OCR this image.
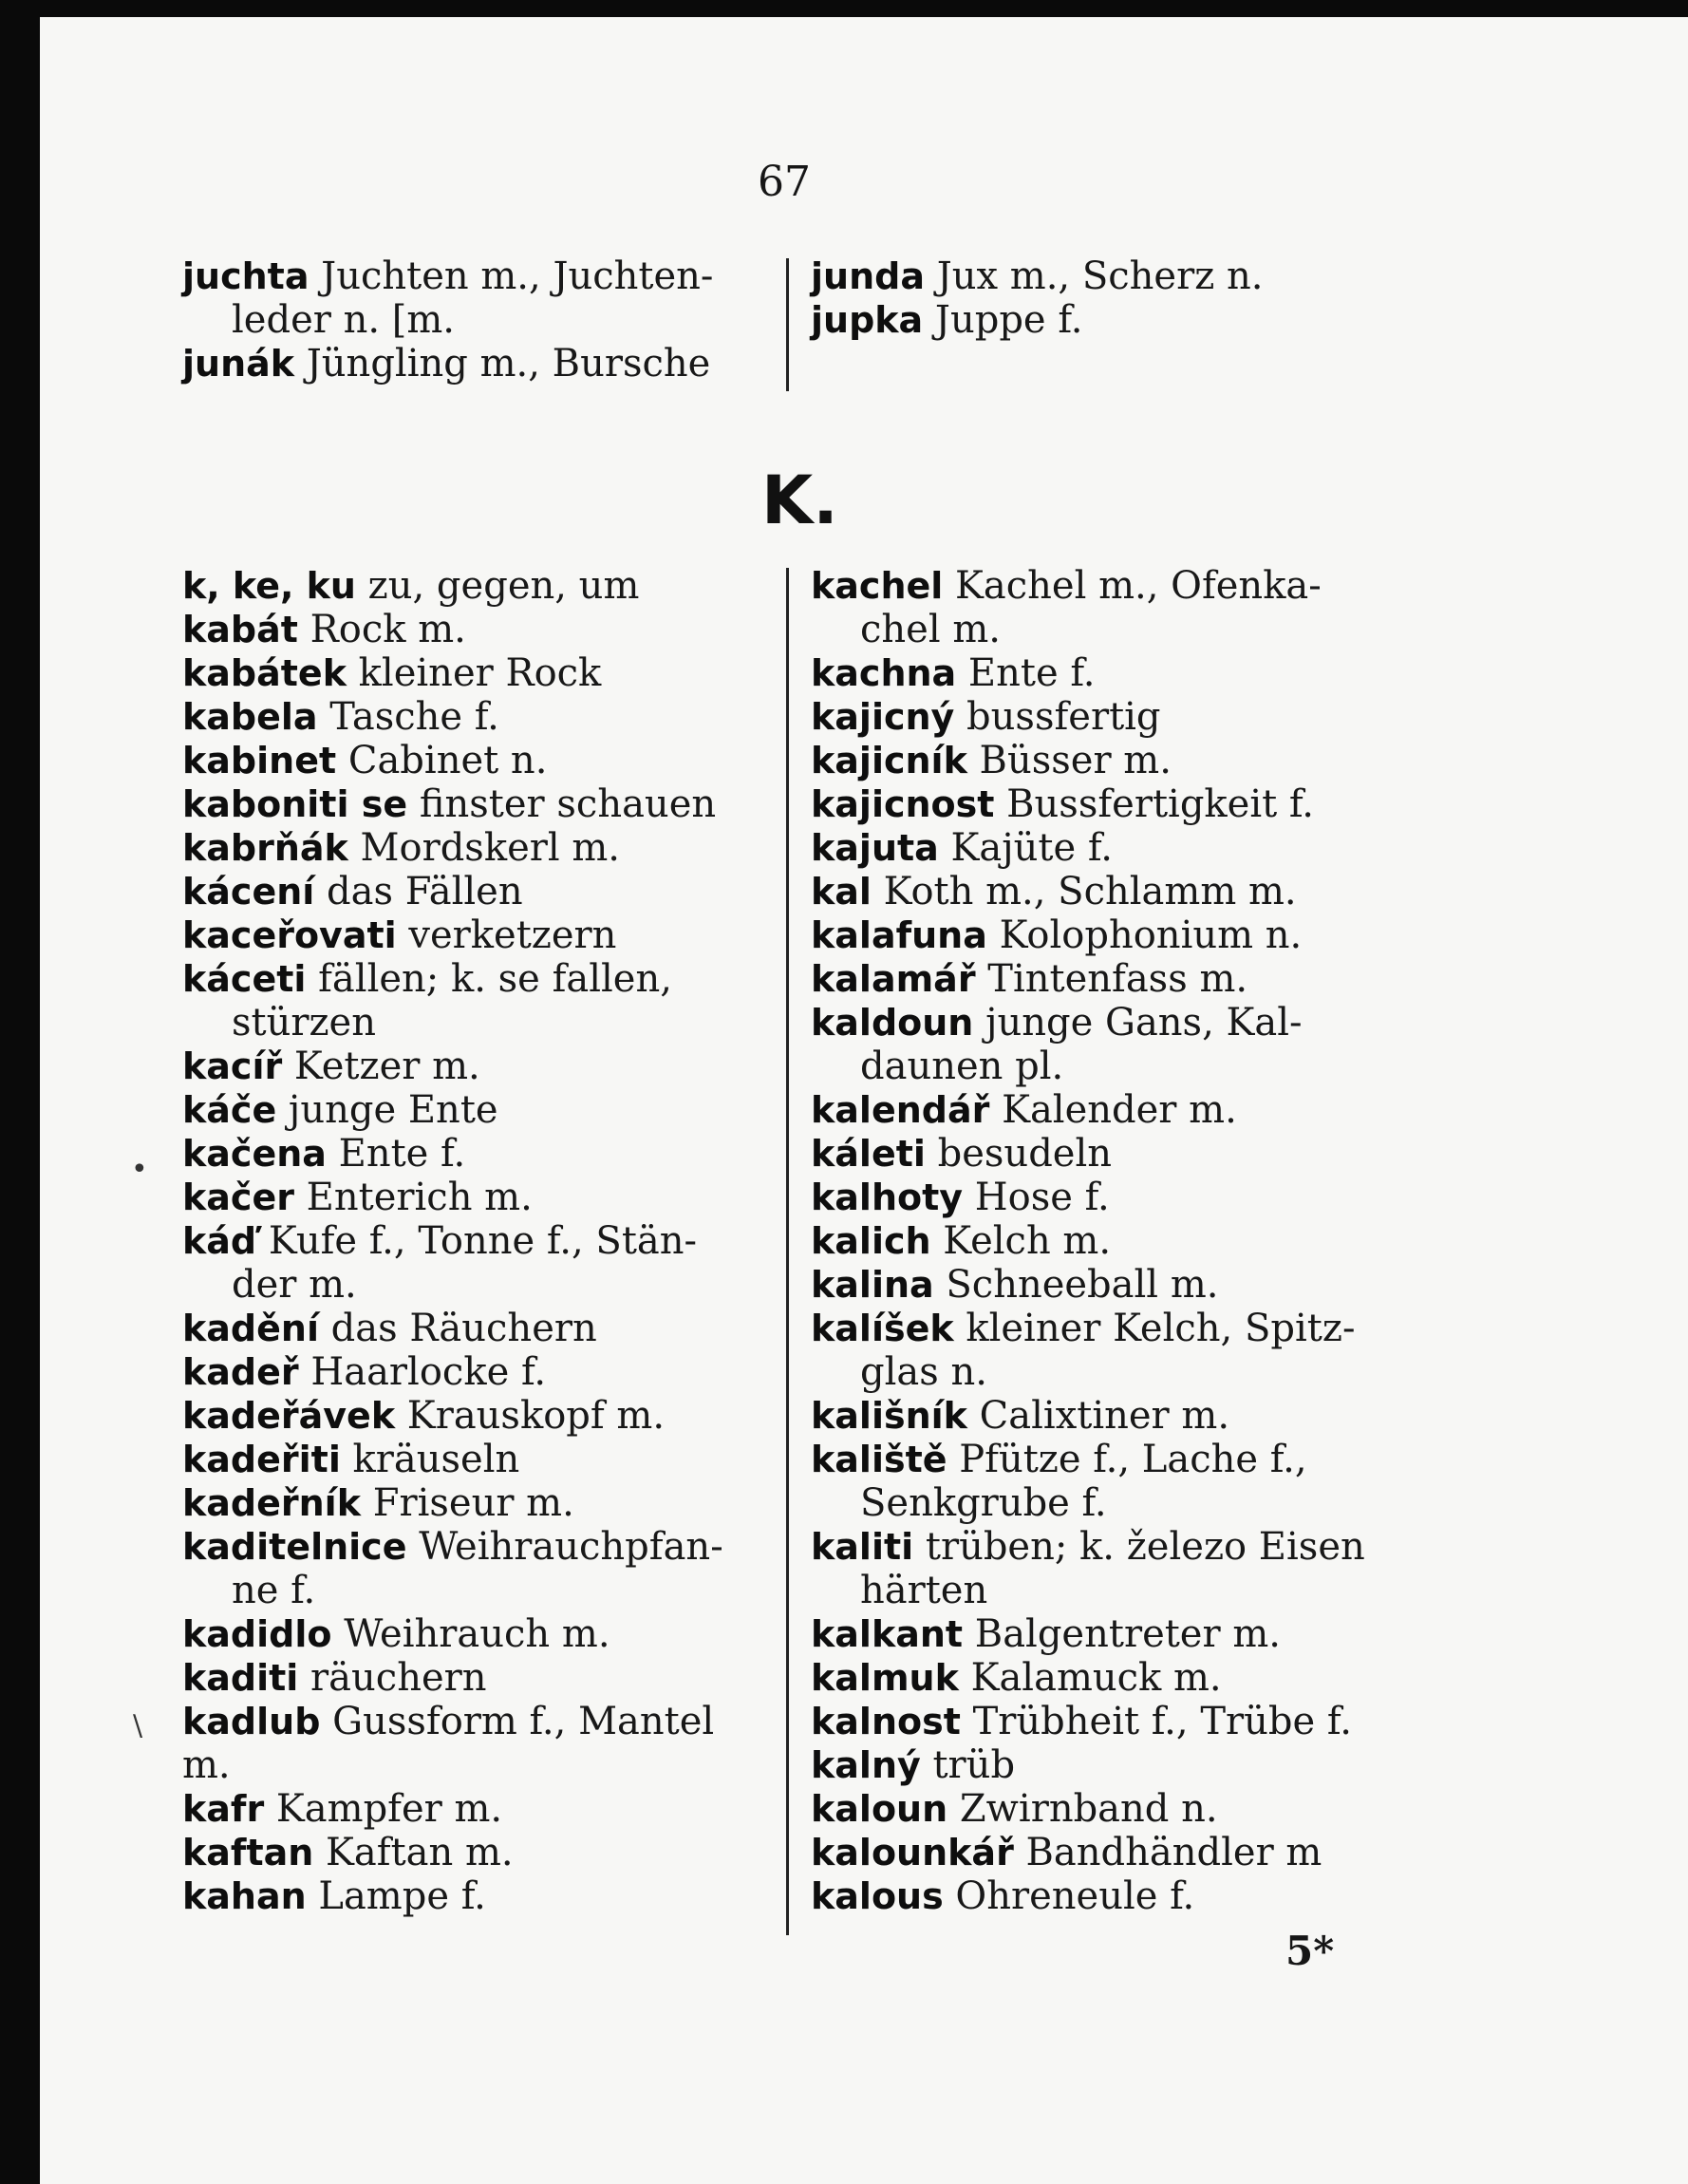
67
juchta Juchten m., Juchten-
leder n. [m.
junák Jüngling m., Bursche
junda Jux m., Scherz n.
jupka Juppe f.
K.
k, ke, ku zu, gegen, um
kabát Rock m.
kabátek kleiner Rock
kabela Tasche f.
kabinet Cabinet n.
kaboniti se finster schauen
kabrňák Mordskerl m.
kácení das Fällen
kaceřovati verketzern
káceti fällen; k. se fallen,
stürzen
kacíř Ketzer m.
káče junge Ente
kačena Ente f.
kačer Enterich m.
káď Kufe f., Tonne f., Stän-
der m.
kadění das Räuchern
kadeř Haarlocke f.
kadeřávek Krauskopf m.
kadeřiti kräuseln
kadeřník Friseur m.
kaditelnice Weihrauchpfan-
ne f.
kadidlo Weihrauch m.
kaditi räuchern
kadlub Gussform f., Mantel
m.
kafr Kampfer m.
kaftan Kaftan m.
kahan Lampe f.
kachel Kachel m., Ofenka-
chel m.
kachna Ente f.
kajicný bussfertig
kajicník Büsser m.
kajicnost Bussfertigkeit f.
kajuta Kajüte f.
kal Koth m., Schlamm m.
kalafuna Kolophonium n.
kalamář Tintenfass m.
kaldoun junge Gans, Kal-
daunen pl.
kalendář Kalender m.
káleti besudeln
kalhoty Hose f.
kalich Kelch m.
kalina Schneeball m.
kalíšek kleiner Kelch, Spitz-
glas n.
kališník Calixtiner m.
kaliště Pfütze f., Lache f.,
Senkgrube f.
kaliti trüben; k. železo Eisen
härten
kalkant Balgentreter m.
kalmuk Kalamuck m.
kalnost Trübheit f., Trübe f.
kalný trüb
kaloun Zwirnband n.
kalounkář Bandhändler m
kalous Ohreneule f.
•
\
5*
